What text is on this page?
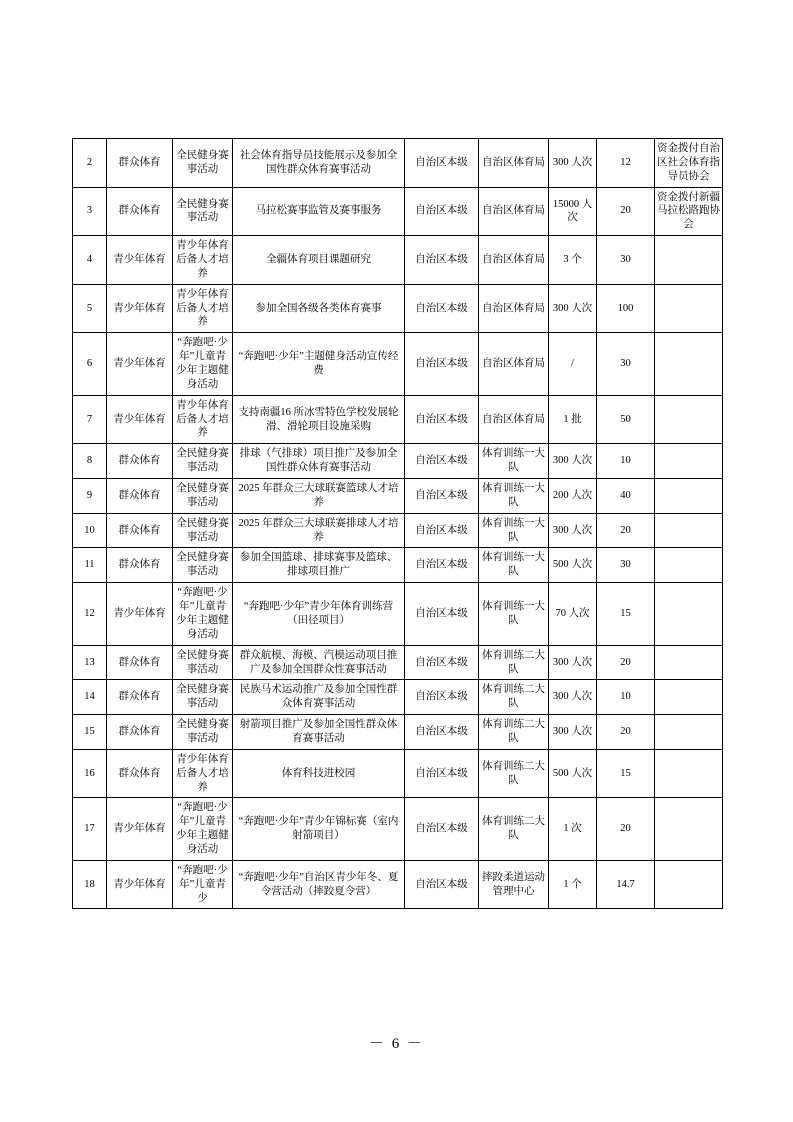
2	群众体育	全民健身赛事活动	社会体育指导员技能展示及参加全国性群众体育赛事活动	自治区本级	自治区体育局	300 人次	12	资金拨付自治区社会体育指导员协会
3	群众体育	全民健身赛事活动	马拉松赛事监管及赛事服务	自治区本级	自治区体育局	15000 人次	20	资金拨付新疆马拉松路跑协会
4	青少年体育	青少年体育后备人才培养	全疆体育项目课题研究	自治区本级	自治区体育局	3 个	30	
5	青少年体育	青少年体育后备人才培养	参加全国各级各类体育赛事	自治区本级	自治区体育局	300 人次	100	
6	青少年体育	“奔跑吧·少年”儿童青少年主题健身活动	“奔跑吧·少年”主题健身活动宣传经费	自治区本级	自治区体育局	/	30	
7	青少年体育	青少年体育后备人才培养	支持南疆16 所冰雪特色学校发展轮滑、滑轮项目设施采购	自治区本级	自治区体育局	1 批	50	
8	群众体育	全民健身赛事活动	排球（气排球）项目推广及参加全国性群众体育赛事活动	自治区本级	体育训练一大队	300 人次	10	
9	群众体育	全民健身赛事活动	2025 年群众三大球联赛篮球人才培养	自治区本级	体育训练一大队	200 人次	40	
10	群众体育	全民健身赛事活动	2025 年群众三大球联赛排球人才培养	自治区本级	体育训练一大队	300 人次	20	
11	群众体育	全民健身赛事活动	参加全国篮球、排球赛事及篮球、排球项目推广	自治区本级	体育训练一大队	500 人次	30	
12	青少年体育	“奔跑吧·少年”儿童青少年主题健身活动	“奔跑吧·少年”青少年体育训练营（田径项目）	自治区本级	体育训练一大队	70 人次	15	
13	群众体育	全民健身赛事活动	群众航模、海模、汽模运动项目推广及参加全国群众性赛事活动	自治区本级	体育训练二大队	300 人次	20	
14	群众体育	全民健身赛事活动	民族马术运动推广及参加全国性群众体育赛事活动	自治区本级	体育训练二大队	300 人次	10	
15	群众体育	全民健身赛事活动	射箭项目推广及参加全国性群众体育赛事活动	自治区本级	体育训练二大队	300 人次	20	
16	群众体育	青少年体育后备人才培养	体育科技进校园	自治区本级	体育训练二大队	500 人次	15	
17	青少年体育	“奔跑吧·少年”儿童青少年主题健身活动	“奔跑吧·少年”青少年锦标赛（室内射箭项目）	自治区本级	体育训练二大队	1 次	20	
18	青少年体育	“奔跑吧·少年”儿童青少	“奔跑吧·少年”自治区青少年冬、夏令营活动（摔跤夏令营）	自治区本级	摔跤柔道运动管理中心	1 个	14.7	
－ 6 －
